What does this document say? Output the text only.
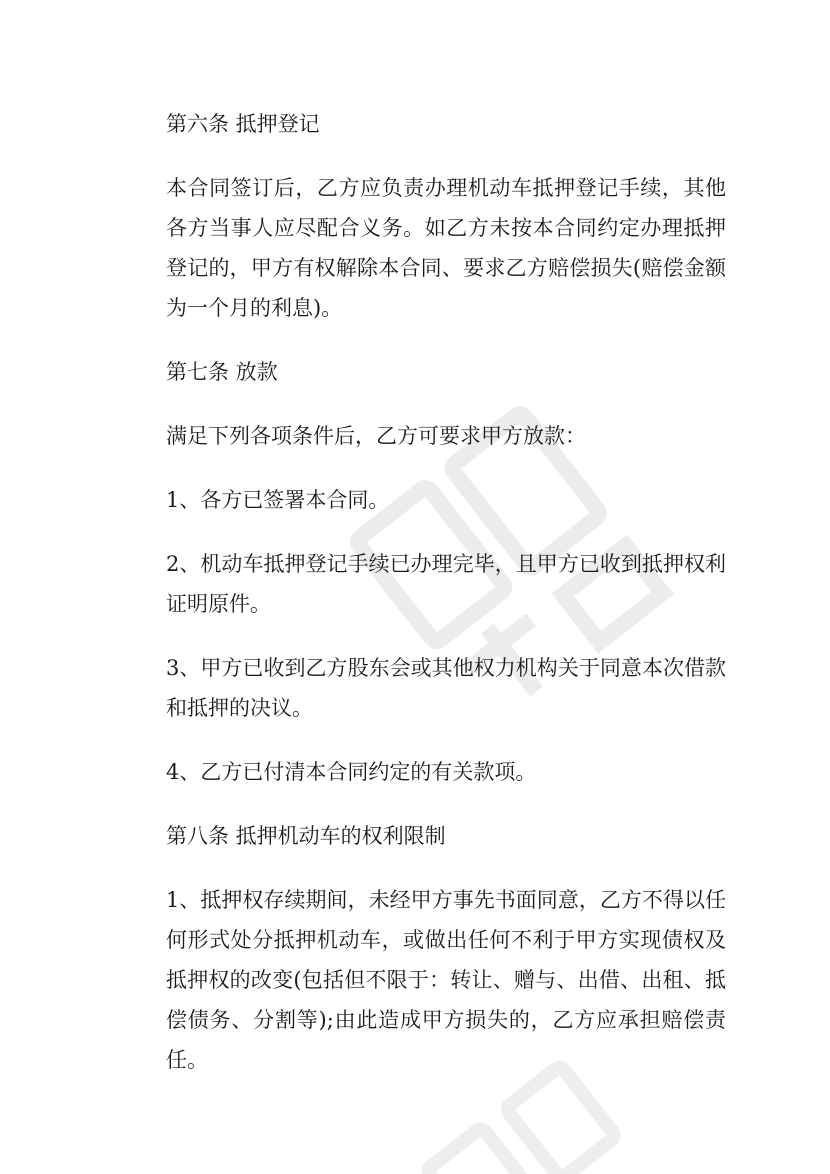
第六条 抵押登记

本合同签订后，乙方应负责办理机动车抵押登记手续，其他各方当事人应尽配合义务。如乙方未按本合同约定办理抵押登记的，甲方有权解除本合同、要求乙方赔偿损失(赔偿金额为一个月的利息)。

第七条 放款

满足下列各项条件后，乙方可要求甲方放款：

1、各方已签署本合同。

2、机动车抵押登记手续已办理完毕，且甲方已收到抵押权利证明原件。

3、甲方已收到乙方股东会或其他权力机构关于同意本次借款和抵押的决议。

4、乙方已付清本合同约定的有关款项。

第八条 抵押机动车的权利限制

1、抵押权存续期间，未经甲方事先书面同意，乙方不得以任何形式处分抵押机动车，或做出任何不利于甲方实现债权及抵押权的改变(包括但不限于：转让、赠与、出借、出租、抵偿债务、分割等);由此造成甲方损失的，乙方应承担赔偿责任。
